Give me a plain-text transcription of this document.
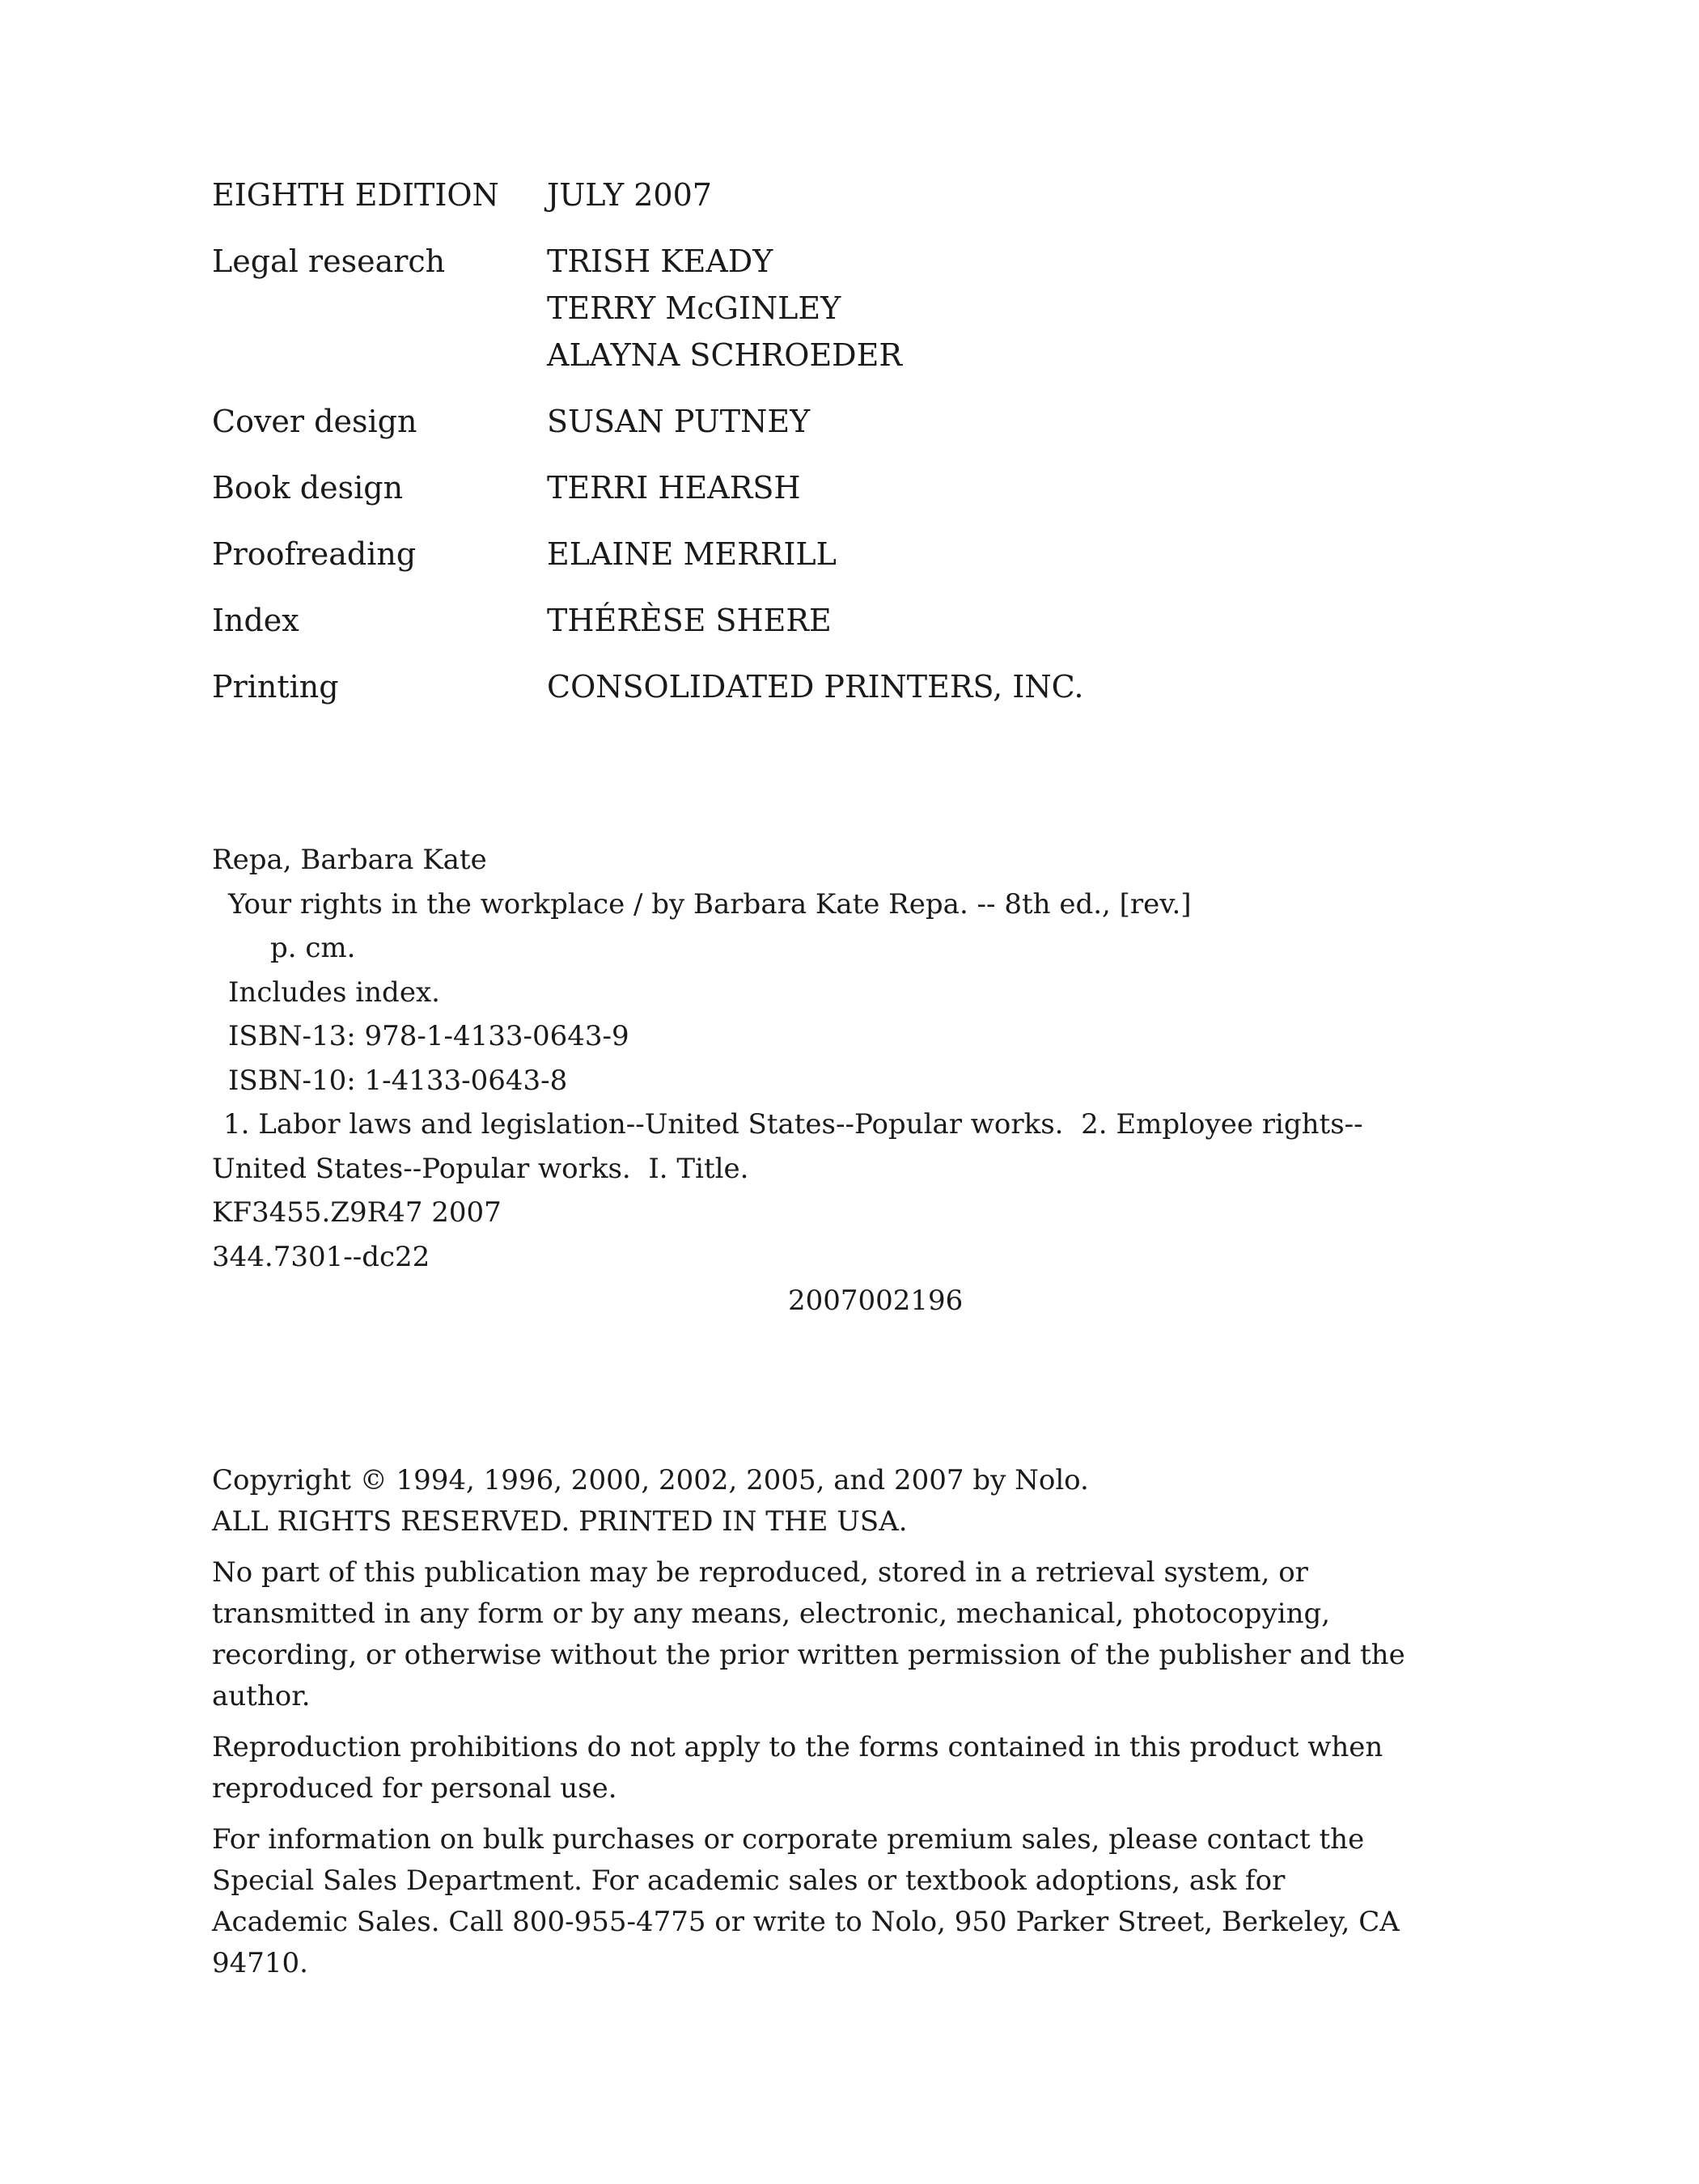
EIGHTH EDITION	JULY 2007
Legal research	TRISH KEADY
TERRY McGINLEY
ALAYNA SCHROEDER
Cover design	SUSAN PUTNEY
Book design	TERRI HEARSH
Proofreading	ELAINE MERRILL
Index	THÉRÈSE SHERE
Printing	CONSOLIDATED PRINTERS, INC.
Repa, Barbara Kate
Your rights in the workplace / by Barbara Kate Repa. -- 8th ed., [rev.]
p. cm.
Includes index.
ISBN-13: 978-1-4133-0643-9
ISBN-10: 1-4133-0643-8
1. Labor laws and legislation--United States--Popular works.  2. Employee rights--
United States--Popular works.  I. Title.
KF3455.Z9R47 2007
344.7301--dc22
2007002196

Copyright © 1994, 1996, 2000, 2002, 2005, and 2007 by Nolo.

ALL RIGHTS RESERVED. PRINTED IN THE USA.

No part of this publication may be reproduced, stored in a retrieval system, or transmitted in any form or by any means, electronic, mechanical, photocopying, recording, or otherwise without the prior written permission of the publisher and the author.

Reproduction prohibitions do not apply to the forms contained in this product when reproduced for personal use.

For information on bulk purchases or corporate premium sales, please contact the Special Sales Department. For academic sales or textbook adoptions, ask for Academic Sales. Call 800-955-4775 or write to Nolo, 950 Parker Street, Berkeley, CA 94710.
